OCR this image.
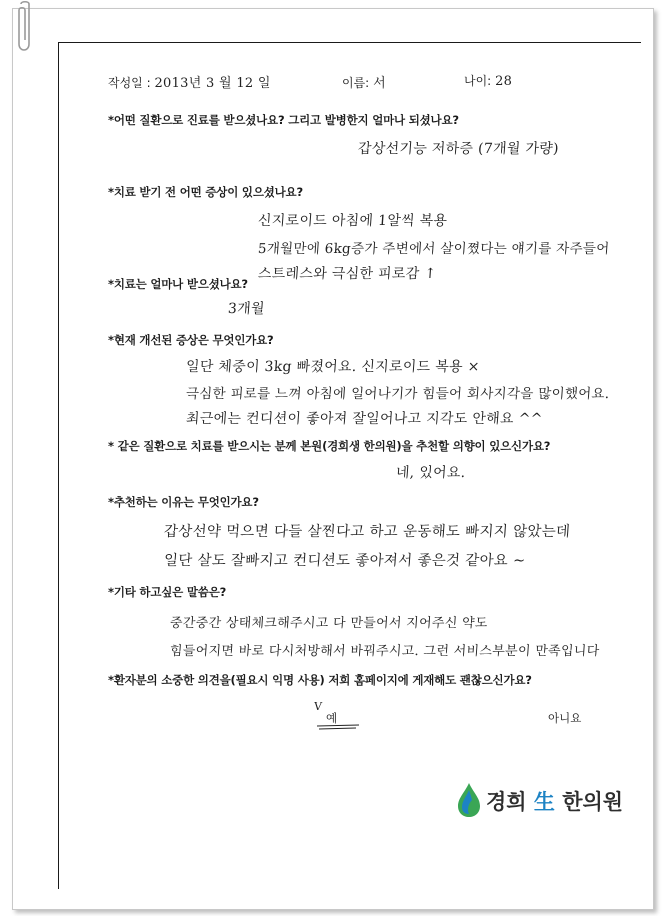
작성일 : 2013년 3 월 12 일	이름: 서	나이: 28
*어떤 질환으로 진료를 받으셨나요? 그리고 발병한지 얼마나 되셨나요?
갑상선기능 저하증 (7개월 가량)
*치료 받기 전 어떤 증상이 있으셨나요?
신지로이드 아침에 1알씩 복용
5개월만에 6kg증가 주변에서 살이쪘다는 얘기를 자주들어
스트레스와 극심한 피로감 ↑
*치료는 얼마나 받으셨나요?
3개월
*현재 개선된 증상은 무엇인가요?
일단 체중이 3kg 빠졌어요. 신지로이드 복용 ×
극심한 피로를 느껴 아침에 일어나기가 힘들어 회사지각을 많이했어요.
최근에는 컨디션이 좋아져 잘일어나고 지각도 안해요 ^^
* 같은 질환으로 치료를 받으시는 분께 본원(경희생 한의원)을 추천할 의향이 있으신가요?
네, 있어요.
*추천하는 이유는 무엇인가요?
갑상선약 먹으면 다들 살찐다고 하고 운동해도 빠지지 않았는데
일단 살도 잘빠지고 컨디션도 좋아져서 좋은것 같아요 ~
*기타 하고싶은 말씀은?
중간중간 상태체크해주시고 다 만들어서 지어주신 약도
힘들어지면 바로 다시처방해서 바꿔주시고. 그런 서비스부분이 만족입니다
*환자분의 소중한 의견을(필요시 익명 사용) 저희 홈페이지에 게재해도 괜찮으신가요?
V
예	아니요
경희 生 한의원
